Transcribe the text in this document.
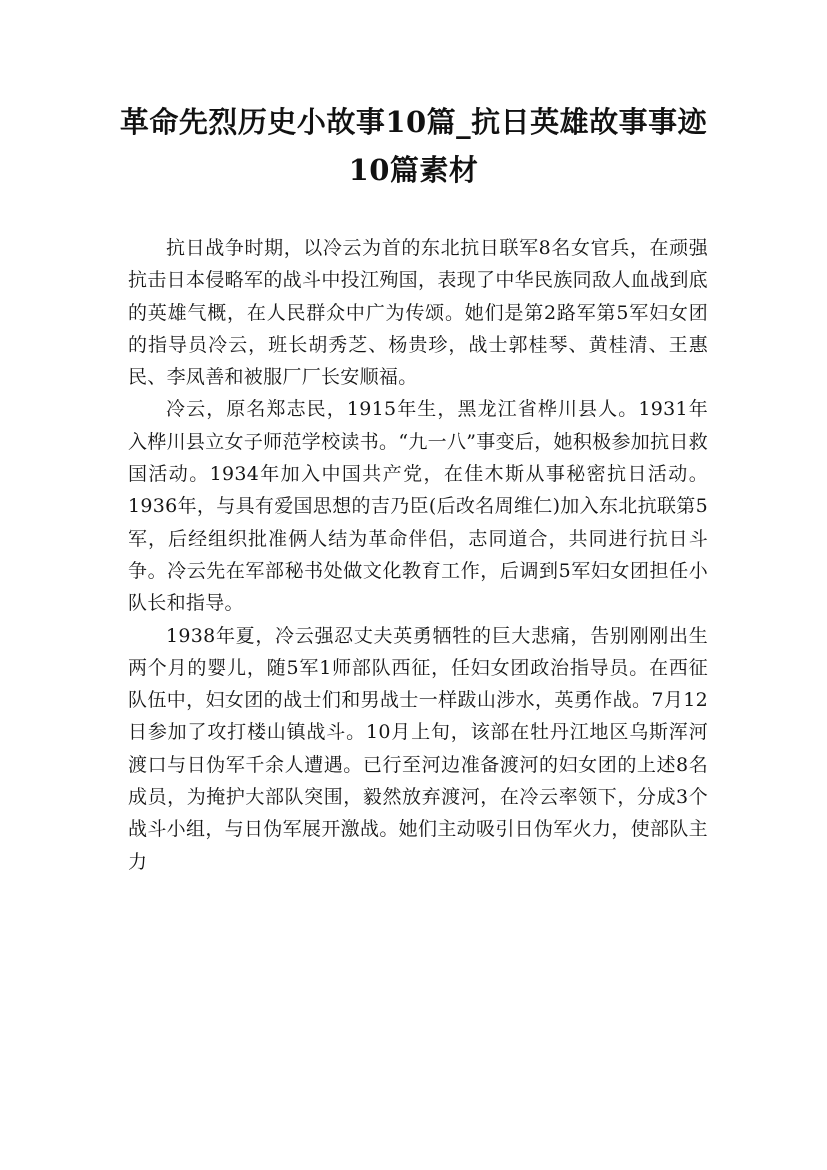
革命先烈历史小故事10篇_抗日英雄故事事迹10篇素材

抗日战争时期，以冷云为首的东北抗日联军8名女官兵，在顽强抗击日本侵略军的战斗中投江殉国，表现了中华民族同敌人血战到底的英雄气概，在人民群众中广为传颂。她们是第2路军第5军妇女团的指导员冷云，班长胡秀芝、杨贵珍，战士郭桂琴、黄桂清、王惠民、李凤善和被服厂厂长安顺福。

冷云，原名郑志民，1915年生，黑龙江省桦川县人。1931年入桦川县立女子师范学校读书。“九一八”事变后，她积极参加抗日救国活动。1934年加入中国共产党，在佳木斯从事秘密抗日活动。1936年，与具有爱国思想的吉乃臣(后改名周维仁)加入东北抗联第5军，后经组织批准俩人结为革命伴侣，志同道合，共同进行抗日斗争。冷云先在军部秘书处做文化教育工作，后调到5军妇女团担任小队长和指导。

1938年夏，冷云强忍丈夫英勇牺牲的巨大悲痛，告别刚刚出生两个月的婴儿，随5军1师部队西征，任妇女团政治指导员。在西征队伍中，妇女团的战士们和男战士一样跋山涉水，英勇作战。7月12日参加了攻打楼山镇战斗。10月上旬，该部在牡丹江地区乌斯浑河渡口与日伪军千余人遭遇。已行至河边准备渡河的妇女团的上述8名成员，为掩护大部队突围，毅然放弃渡河，在冷云率领下，分成3个战斗小组，与日伪军展开激战。她们主动吸引日伪军火力，使部队主力
